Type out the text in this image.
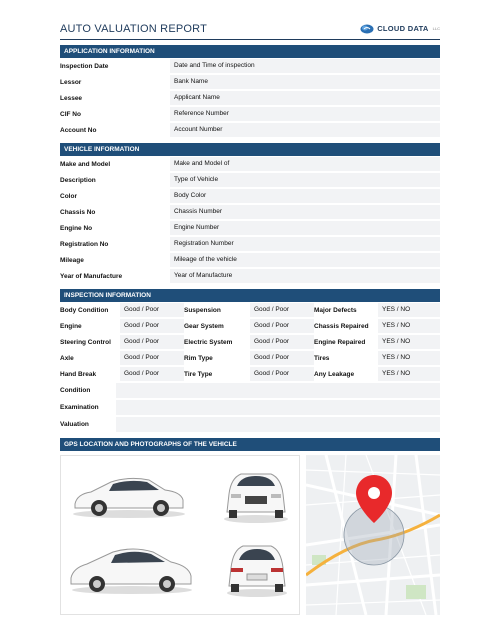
AUTO VALUATION REPORT	CLOUD DATA LLC
APPLICATION INFORMATION
Inspection Date	Date and Time of inspection
Lessor	Bank Name
Lessee	Applicant Name
CIF No	Reference Number
Account No	Account Number
VEHICLE INFORMATION
Make and Model	Make and Model of
Description	Type of Vehicle
Color	Body Color
Chassis No	Chassis Number
Engine No	Engine Number
Registration No	Registration Number
Mileage	Mileage of the vehicle
Year of Manufacture	Year of Manufacture
INSPECTION INFORMATION
Body Condition	Good / Poor	Suspension	Good / Poor	Major Defects	YES / NO
Engine	Good / Poor	Gear System	Good / Poor	Chassis Repaired	YES / NO
Steering Control	Good / Poor	Electric System	Good / Poor	Engine Repaired	YES / NO
Axle	Good / Poor	Rim Type	Good / Poor	Tires	YES / NO
Hand Break	Good / Poor	Tire Type	Good / Poor	Any Leakage	YES / NO
Condition
Examination
Valuation
GPS LOCATION AND PHOTOGRAPHS OF THE VEHICLE
